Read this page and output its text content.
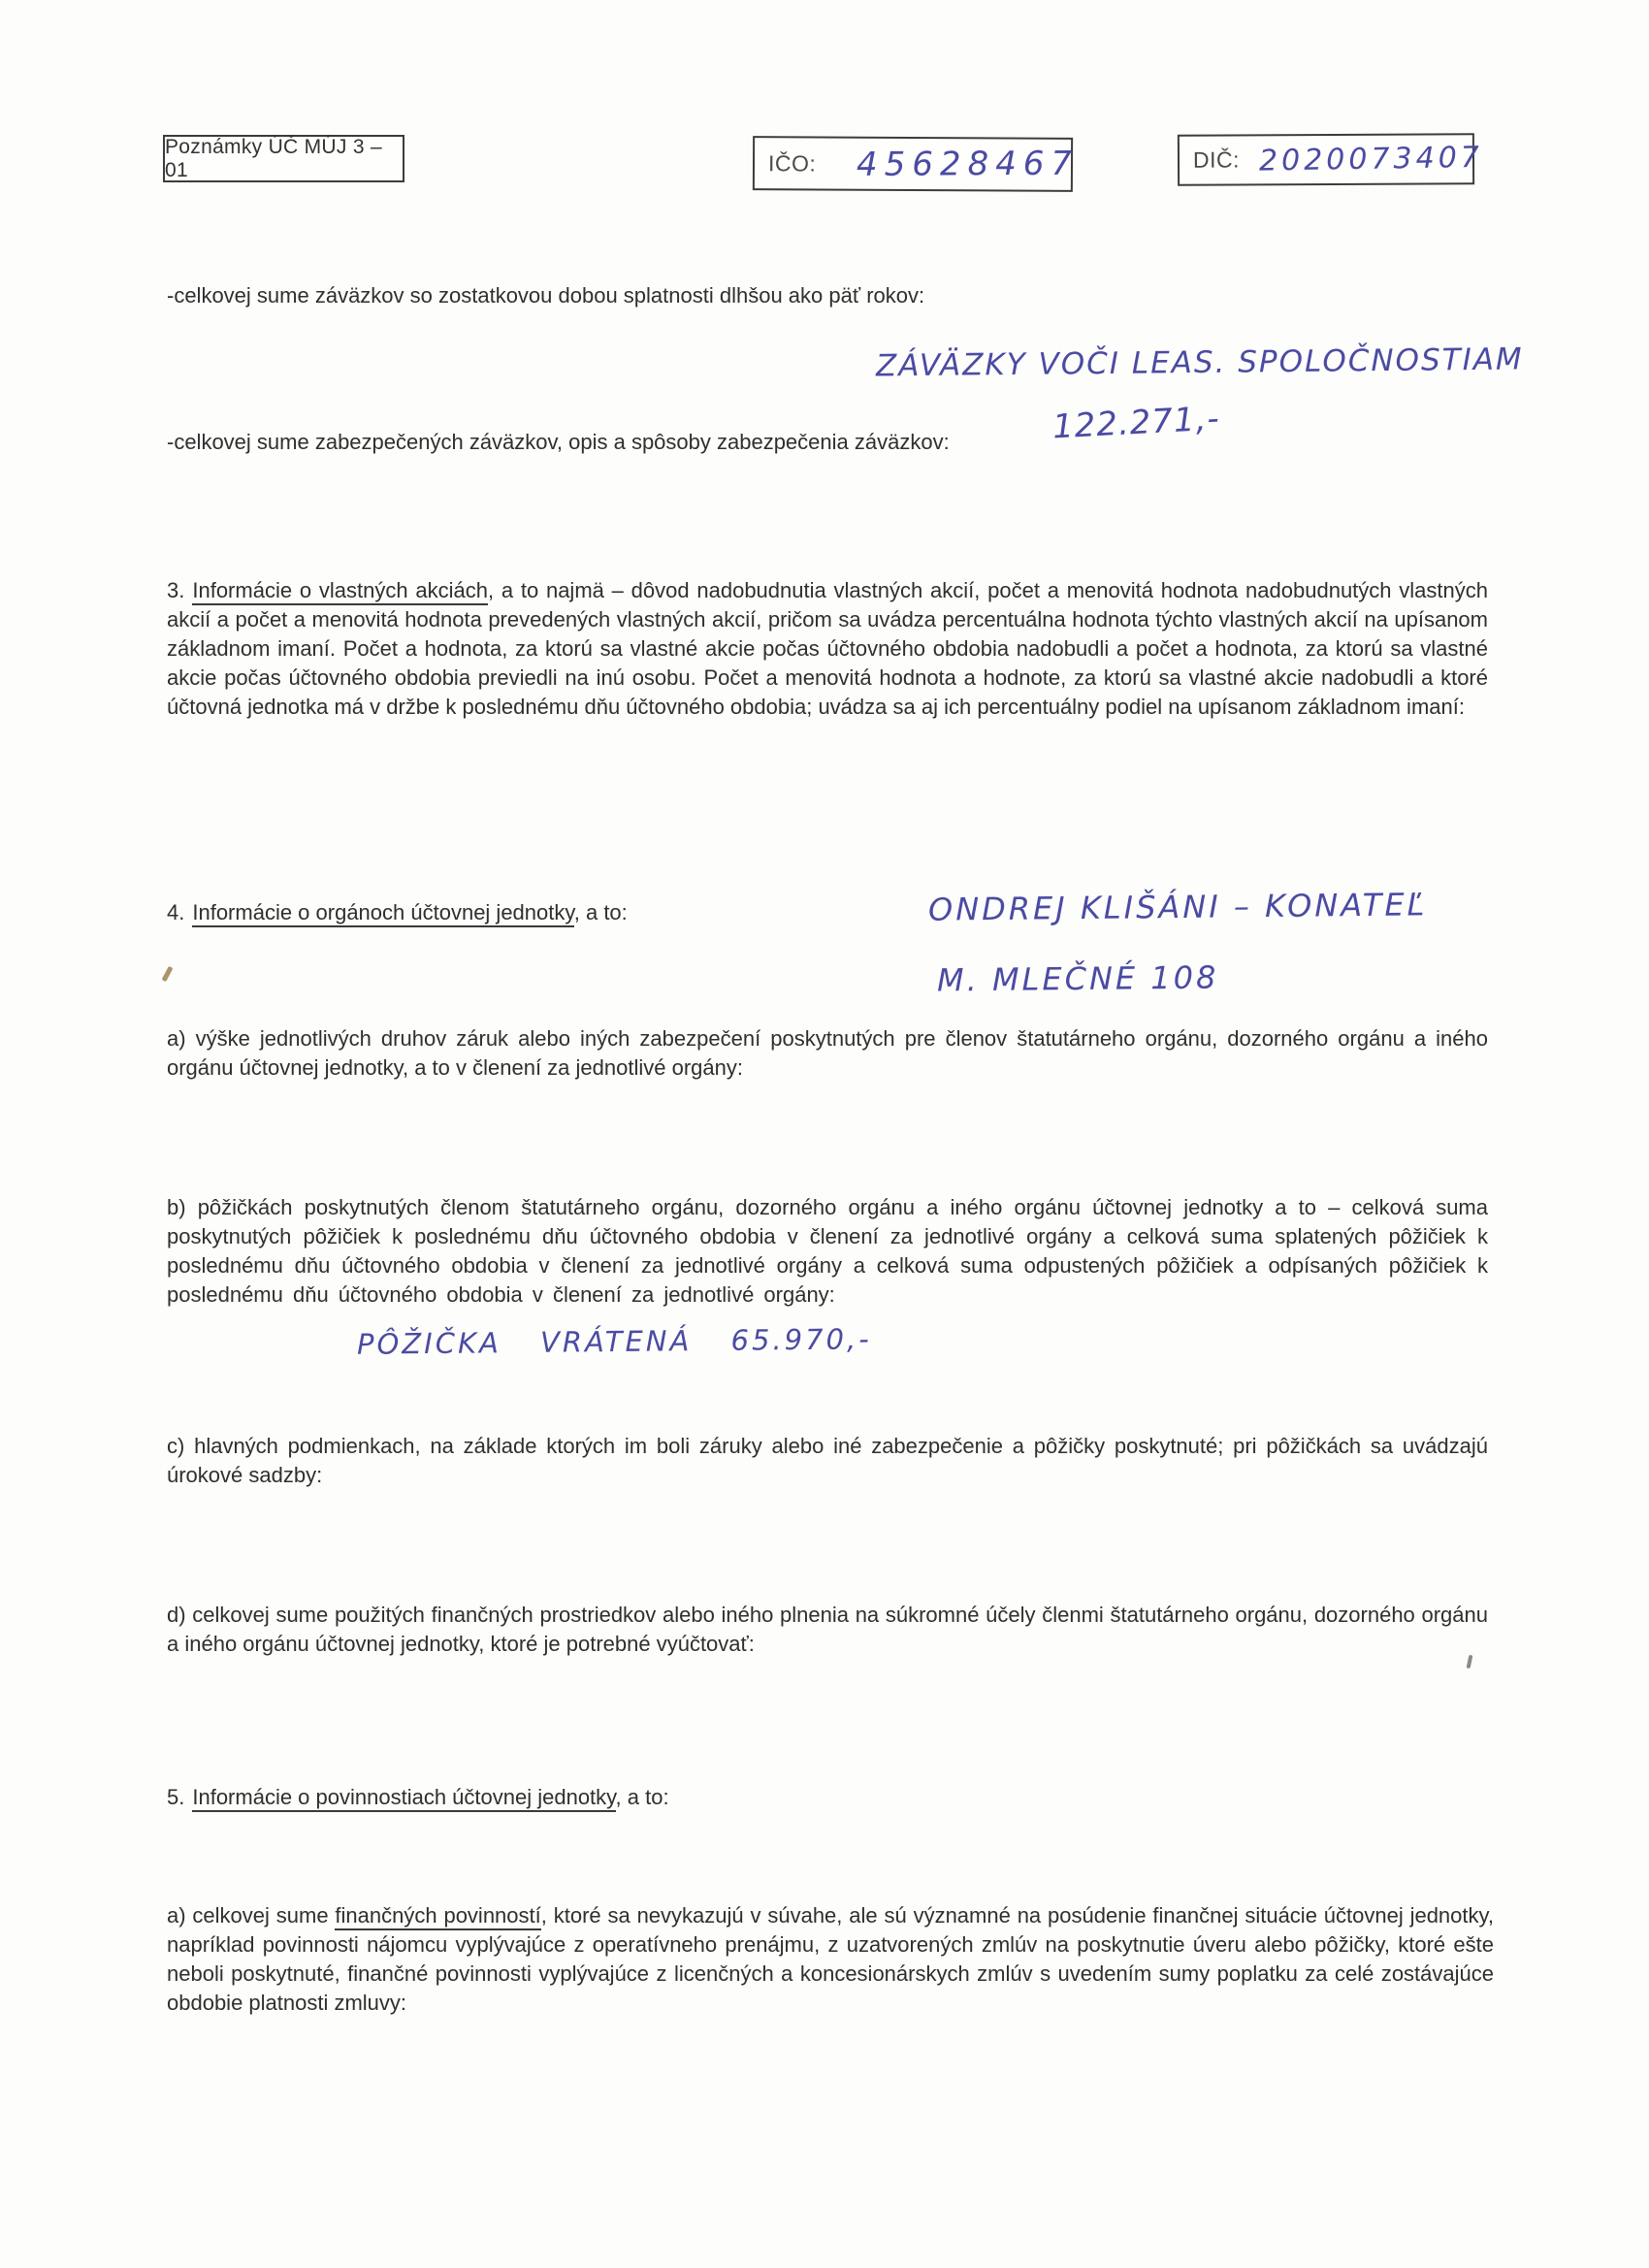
Poznámky ÚČ MÚJ 3 – 01	IČO: 45628467	DIČ: 2020073407

-celkovej sume záväzkov so zostatkovou dobou splatnosti dlhšou ako päť rokov:

ZÁVÄZKY VOČI LEAS. SPOLOČNOSTIAM
122.271,-

-celkovej sume zabezpečených záväzkov, opis a spôsoby zabezpečenia záväzkov:

3. Informácie o vlastných akciách, a to najmä – dôvod nadobudnutia vlastných akcií, počet a menovitá hodnota nadobudnutých vlastných akcií a počet a menovitá hodnota prevedených vlastných akcií, pričom sa uvádza percentuálna hodnota týchto vlastných akcií na upísanom základnom imaní. Počet a hodnota, za ktorú sa vlastné akcie počas účtovného obdobia nadobudli a počet a hodnota, za ktorú sa vlastné akcie počas účtovného obdobia previedli na inú osobu. Počet a menovitá hodnota a hodnote, za ktorú sa vlastné akcie nadobudli a ktoré účtovná jednotka má v držbe k poslednému dňu účtovného obdobia; uvádza sa aj ich percentuálny podiel na upísanom základnom imaní:

4. Informácie o orgánoch účtovnej jednotky, a to:	ONDREJ KLIŠÁNI – KONATEĽ
M. MLEČNÉ 108

a) výške jednotlivých druhov záruk alebo iných zabezpečení poskytnutých pre členov štatutárneho orgánu, dozorného orgánu a iného orgánu účtovnej jednotky, a to v členení za jednotlivé orgány:

b) pôžičkách poskytnutých členom štatutárneho orgánu, dozorného orgánu a iného orgánu účtovnej jednotky a to – celková suma poskytnutých pôžičiek k poslednému dňu účtovného obdobia v členení za jednotlivé orgány a celková suma splatených pôžičiek k poslednému dňu účtovného obdobia v členení za jednotlivé orgány a celková suma odpustených pôžičiek a odpísaných pôžičiek k poslednému dňu účtovného obdobia v členení za jednotlivé orgány:

PÔŽIČKA VRÁTENÁ 65.970,-

c) hlavných podmienkach, na základe ktorých im boli záruky alebo iné zabezpečenie a pôžičky poskytnuté; pri pôžičkách sa uvádzajú úrokové sadzby:

d) celkovej sume použitých finančných prostriedkov alebo iného plnenia na súkromné účely členmi štatutárneho orgánu, dozorného orgánu a iného orgánu účtovnej jednotky, ktoré je potrebné vyúčtovať:

5. Informácie o povinnostiach účtovnej jednotky, a to:

a) celkovej sume finančných povinností, ktoré sa nevykazujú v súvahe, ale sú významné na posúdenie finančnej situácie účtovnej jednotky, napríklad povinnosti nájomcu vyplývajúce z operatívneho prenájmu, z uzatvorených zmlúv na poskytnutie úveru alebo pôžičky, ktoré ešte neboli poskytnuté, finančné povinnosti vyplývajúce z licenčných a koncesionárskych zmlúv s uvedením sumy poplatku za celé zostávajúce obdobie platnosti zmluvy:
